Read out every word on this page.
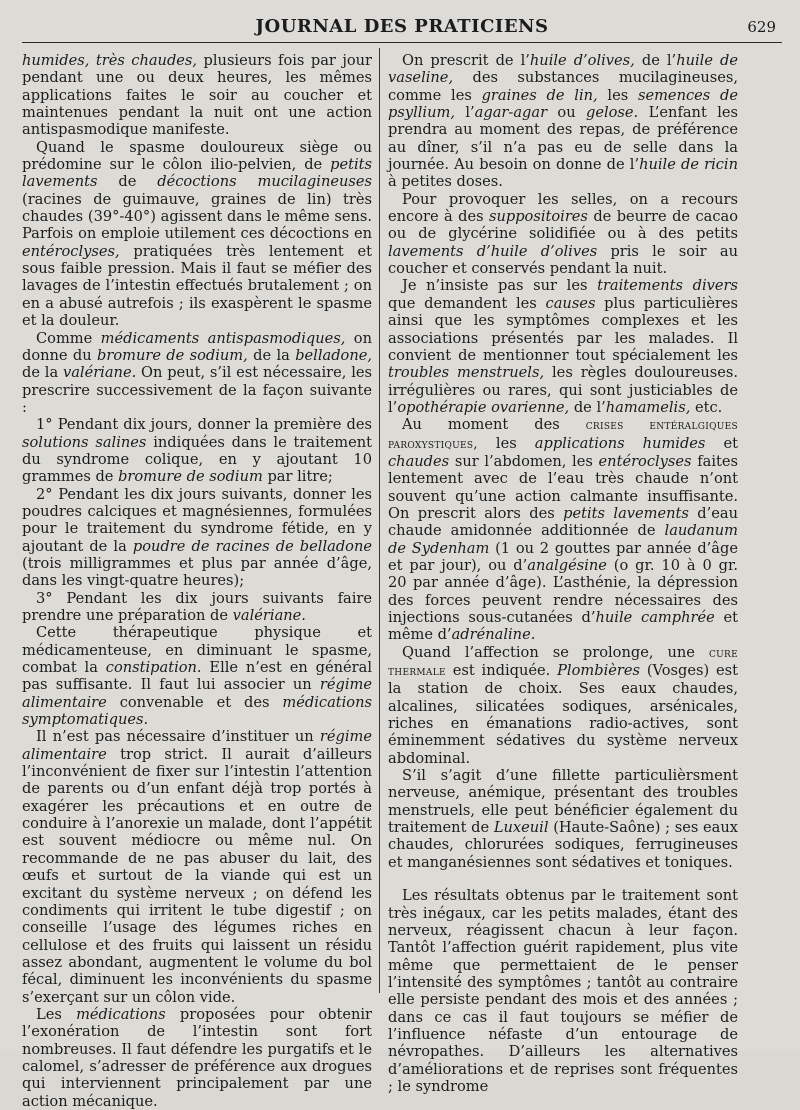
JOURNAL DES PRATICIENS	629

humides, très chaudes, plusieurs fois par jour pendant une ou deux heures, les mêmes applications faites le soir au coucher et maintenues pendant la nuit ont une action antispasmodique manifeste.

Quand le spasme douloureux siège ou prédomine sur le côlon ilio-pelvien, de petits lavements de décoctions mucilagineuses (racines de guimauve, graines de lin) très chaudes (39°-40°) agissent dans le même sens. Parfois on emploie utilement ces décoctions en entéroclyses, pratiquées très lentement et sous faible pression. Mais il faut se méfier des lavages de l’intestin effectués brutalement ; on en a abusé autrefois ; ils exaspèrent le spasme et la douleur.

Comme médicaments antispasmodiques, on donne du bromure de sodium, de la belladone, de la valériane. On peut, s’il est nécessaire, les prescrire successivement de la façon suivante :

1° Pendant dix jours, donner la première des solutions salines indiquées dans le traitement du syndrome colique, en y ajoutant 10 grammes de bromure de sodium par litre;

2° Pendant les dix jours suivants, donner les poudres calciques et magnésiennes, formulées pour le traitement du syndrome fétide, en y ajoutant de la poudre de racines de belladone (trois milligrammes et plus par année d’âge, dans les vingt-quatre heures);

3° Pendant les dix jours suivants faire prendre une préparation de valériane.

Cette thérapeutique physique et médicamenteuse, en diminuant le spasme, combat la constipation. Elle n’est en général pas suffisante. Il faut lui associer un régime alimentaire convenable et des médications symptomatiques.

Il n’est pas nécessaire d’instituer un régime alimentaire trop strict. Il aurait d’ailleurs l’inconvénient de fixer sur l’intestin l’attention de parents ou d’un enfant déjà trop portés à exagérer les précautions et en outre de conduire à l’anorexie un malade, dont l’appétit est souvent médiocre ou même nul. On recommande de ne pas abuser du lait, des œufs et surtout de la viande qui est un excitant du système nerveux ; on défend les condiments qui irritent le tube digestif ; on conseille l’usage des légumes riches en cellulose et des fruits qui laissent un résidu assez abondant, augmentent le volume du bol fécal, diminuent les inconvénients du spasme s’exerçant sur un côlon vide.

Les médications proposées pour obtenir l’exonération de l’intestin sont fort nombreuses. Il faut défendre les purgatifs et le calomel, s’adresser de préférence aux drogues qui interviennent principalement par une action mécanique.

On prescrit de l’huile d’olives, de l’huile de vaseline, des substances mucilagineuses, comme les graines de lin, les semences de psyllium, l’agar-agar ou gelose. L’enfant les prendra au moment des repas, de préférence au dîner, s’il n’a pas eu de selle dans la journée. Au besoin on donne de l’huile de ricin à petites doses.

Pour provoquer les selles, on a recours encore à des suppositoires de beurre de cacao ou de glycérine solidifiée ou à des petits lavements d’huile d’olives pris le soir au coucher et conservés pendant la nuit.

Je n’insiste pas sur les traitements divers que demandent les causes plus particulières ainsi que les symptômes complexes et les associations présentés par les malades. Il convient de mentionner tout spécialement les troubles menstruels, les règles douloureuses. irrégulières ou rares, qui sont justiciables de l’opothérapie ovarienne, de l’hamamelis, etc.

Au moment des crises entéralgiques paroxystiques, les applications humides et chaudes sur l’abdomen, les entéroclyses faites lentement avec de l’eau très chaude n’ont souvent qu’une action calmante insuffisante. On prescrit alors des petits lavements d’eau chaude amidonnée additionnée de laudanum de Sydenham (1 ou 2 gouttes par année d’âge et par jour), ou d’analgésine (o gr. 10 à 0 gr. 20 par année d’âge). L’asthénie, la dépression des forces peuvent rendre nécessaires des injections sous-cutanées d’huile camphrée et même d’adrénaline.

Quand l’affection se prolonge, une cure thermale est indiquée. Plombières (Vosges) est la station de choix. Ses eaux chaudes, alcalines, silicatées sodiques, arsénicales, riches en émanations radio-actives, sont éminemment sédatives du système nerveux abdominal.

S’il s’agit d’une fillette particulièrsment nerveuse, anémique, présentant des troubles menstruels, elle peut bénéficier également du traitement de Luxeuil (Haute-Saône) ; ses eaux chaudes, chlorurées sodiques, ferrugineuses et manganésiennes sont sédatives et toniques.

Les résultats obtenus par le traitement sont très inégaux, car les petits malades, étant des nerveux, réagissent chacun à leur façon. Tantôt l’affection guérit rapidement, plus vite même que permettaient de le penser l’intensité des symptômes ; tantôt au contraire elle persiste pendant des mois et des années ; dans ce cas il faut toujours se méfier de l’influence néfaste d’un entourage de névropathes. D’ailleurs les alternatives d’améliorations et de reprises sont fréquentes ; le syndrome
